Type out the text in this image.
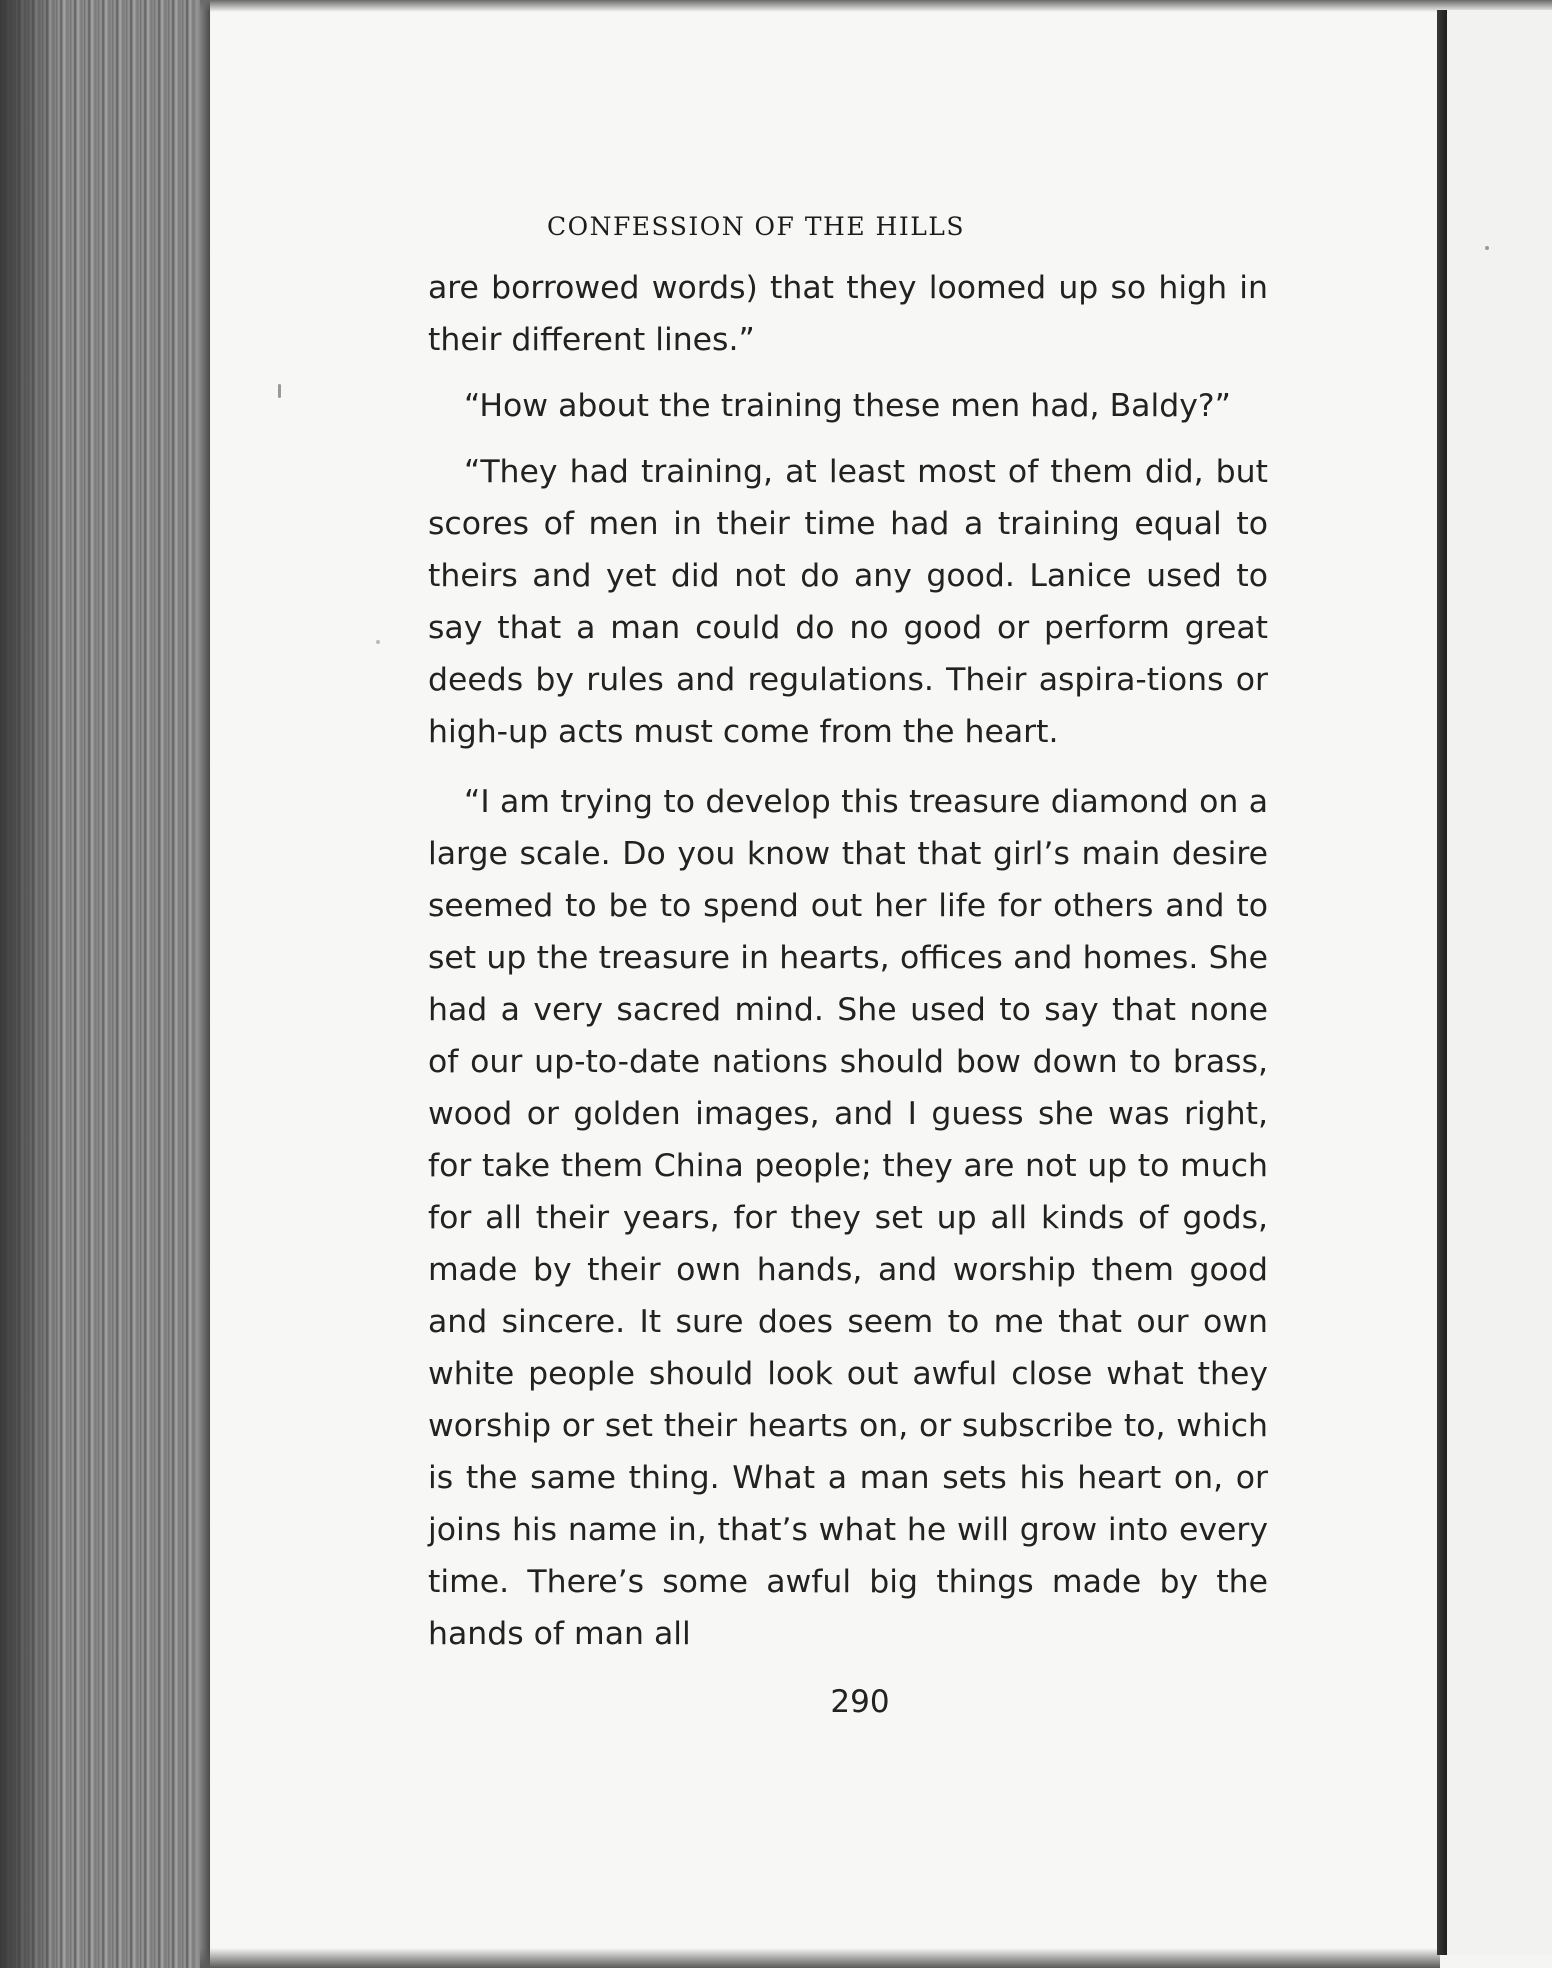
CONFESSION OF THE HILLS

are borrowed words) that they loomed up so high in their different lines.”

“How about the training these men had, Baldy?”

“They had training, at least most of them did, but scores of men in their time had a training equal to theirs and yet did not do any good. Lanice used to say that a man could do no good or perform great deeds by rules and regulations. Their aspira-tions or high-up acts must come from the heart.

“I am trying to develop this treasure diamond on a large scale. Do you know that that girl’s main desire seemed to be to spend out her life for others and to set up the treasure in hearts, offices and homes. She had a very sacred mind. She used to say that none of our up-to-date nations should bow down to brass, wood or golden images, and I guess she was right, for take them China people; they are not up to much for all their years, for they set up all kinds of gods, made by their own hands, and worship them good and sincere. It sure does seem to me that our own white people should look out awful close what they worship or set their hearts on, or subscribe to, which is the same thing. What a man sets his heart on, or joins his name in, that’s what he will grow into every time. There’s some awful big things made by the hands of man all

290
